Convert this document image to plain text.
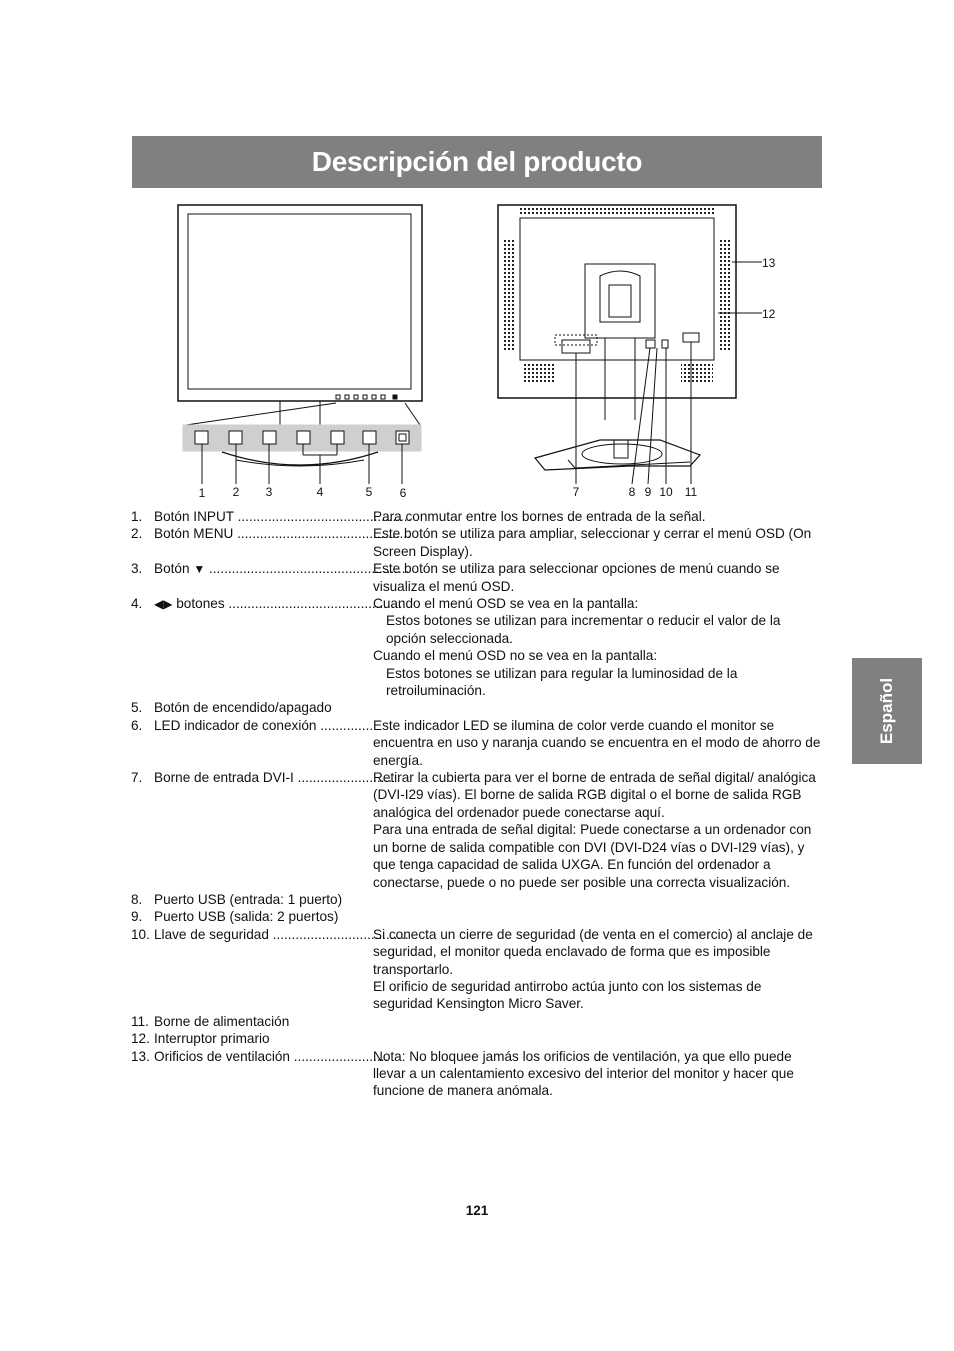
Descripción del producto
Español
1 2 3	4	5 6	7	8 9 10 11
13
12
1. Botón INPUT ..............................................
Para conmutar entre los bornes de entrada de la señal.
2. Botón MENU ..............................................
Este botón se utiliza para ampliar, seleccionar y cerrar el menú OSD (On Screen Display).
3. Botón ▼ .....................................................
Este botón se utiliza para seleccionar opciones de menú cuando se visualiza el menú OSD.
4. ◀▶ botones ..............................................
Cuando el menú OSD se vea en la pantalla:
Estos botones se utilizan para incrementar o reducir el valor de la opción seleccionada.
Cuando el menú OSD no se vea en la pantalla:
Estos botones se utilizan para regular la luminosidad de la retroiluminación.
5. Botón de encendido/apagado
6. LED indicador de conexión .............. Este indicador LED se ilumina de color verde cuando el monitor se encuentra en uso y naranja cuando se encuentra en el modo de ahorro de energía.
7. Borne de entrada DVI-I .........................
Retirar la cubierta para ver el borne de entrada de señal digital/ analógica (DVI-I29 vías). El borne de salida RGB digital o el borne de salida RGB analógica del ordenador puede conectarse aquí.
Para una entrada de señal digital: Puede conectarse a un ordenador con un borne de salida compatible con DVI (DVI-D24 vías o DVI-I29 vías), y que tenga capacidad de salida UXGA. En función del ordenador a conectarse, puede o no puede ser posible una correcta visualización.
8. Puerto USB (entrada: 1 puerto)
9. Puerto USB (salida: 2 puertos)
10. Llave de seguridad ....................................
Si conecta un cierre de seguridad (de venta en el comercio) al anclaje de seguridad, el monitor queda enclavado de forma que es imposible transportarlo.
El orificio de seguridad antirrobo actúa junto con los sistemas de seguridad Kensington Micro Saver.
11. Borne de alimentación
12. Interruptor primario
13. Orificios de ventilación .........................
Nota: No bloquee jamás los orificios de ventilación, ya que ello puede llevar a un calentamiento excesivo del interior del monitor y hacer que funcione de manera anómala.
121
